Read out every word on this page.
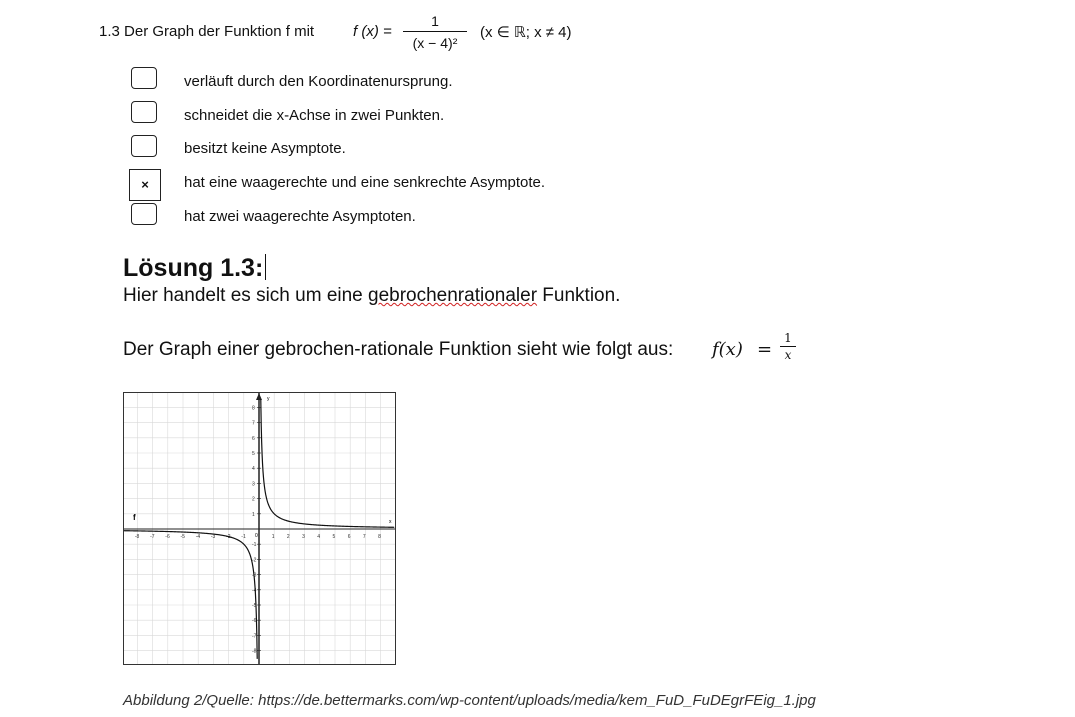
1.3 Der Graph der Funktion f mit	f (x) =
1
(x − 4)²
(x ∈ ℝ; x ≠ 4)
verläuft durch den Koordinatenursprung.
schneidet die x-Achse in zwei Punkten.
besitzt keine Asymptote.
×	hat eine waagerechte und eine senkrechte Asymptote.
hat zwei waagerechte Asymptoten.
Lösung 1.3:
Hier handelt es sich um eine gebrochenrationaler Funktion.
Der Graph einer gebrochen-rationale Funktion sieht wie folgt aus: f(x) =
1
x
-8 -7 -6 -5 -4 -3 -2 -1	1 2 3 4 5 6 7 8
8
7
6
5
4
3
2
1
-1
-2
-3
-4
-5
-6
-7
-8
f	x
y
0
Abbildung 2/Quelle: https://de.bettermarks.com/wp-content/uploads/media/kem_FuD_FuDEgrFEig_1.jpg
